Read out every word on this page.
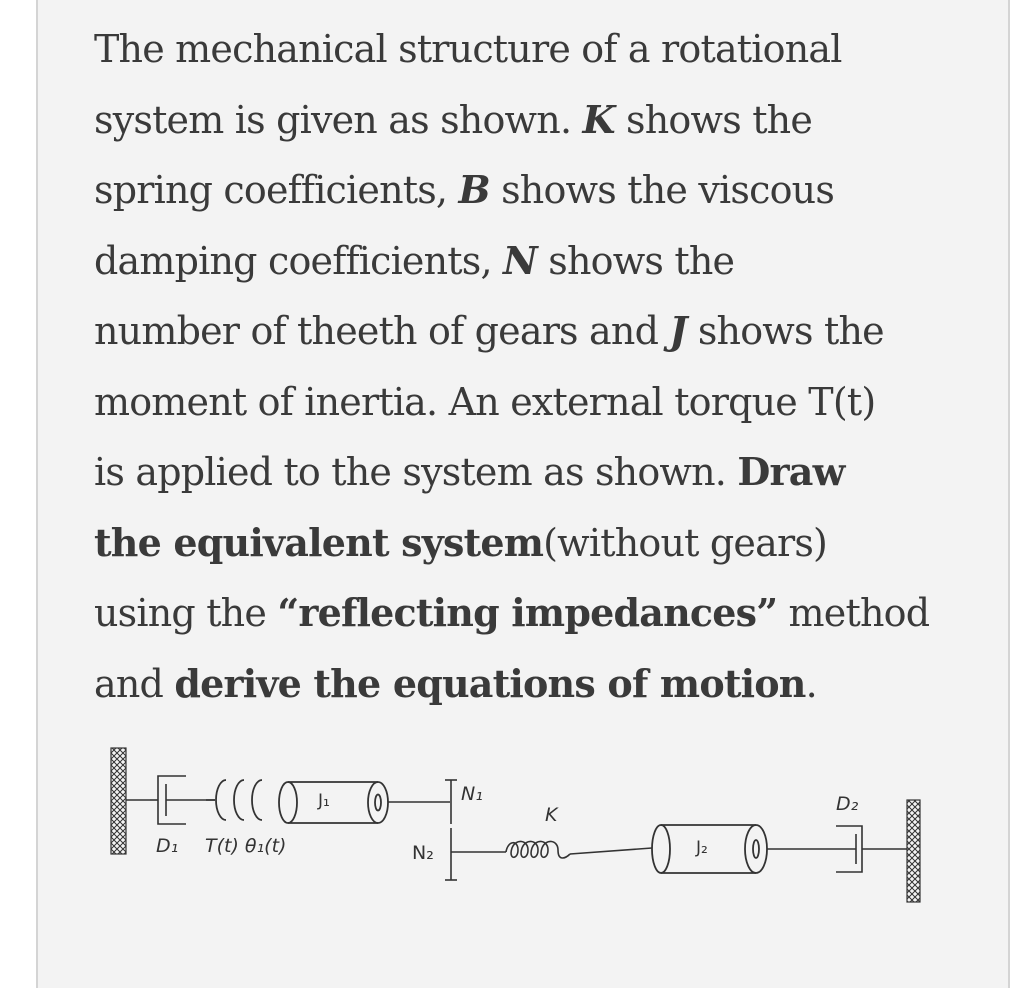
The mechanical structure of a rotational
system is given as shown. K shows the
spring coefficients, B shows the viscous
damping coefficients, N shows the
number of theeth of gears and J shows the
moment of inertia. An external torque T(t)
is applied to the system as shown. Draw
the equivalent system(without gears)
using the “reflecting impedances” method
and derive the equations of motion.
J₁	N₁
N₂
K
J₂
D₂
D₁ T(t) θ₁(t)
